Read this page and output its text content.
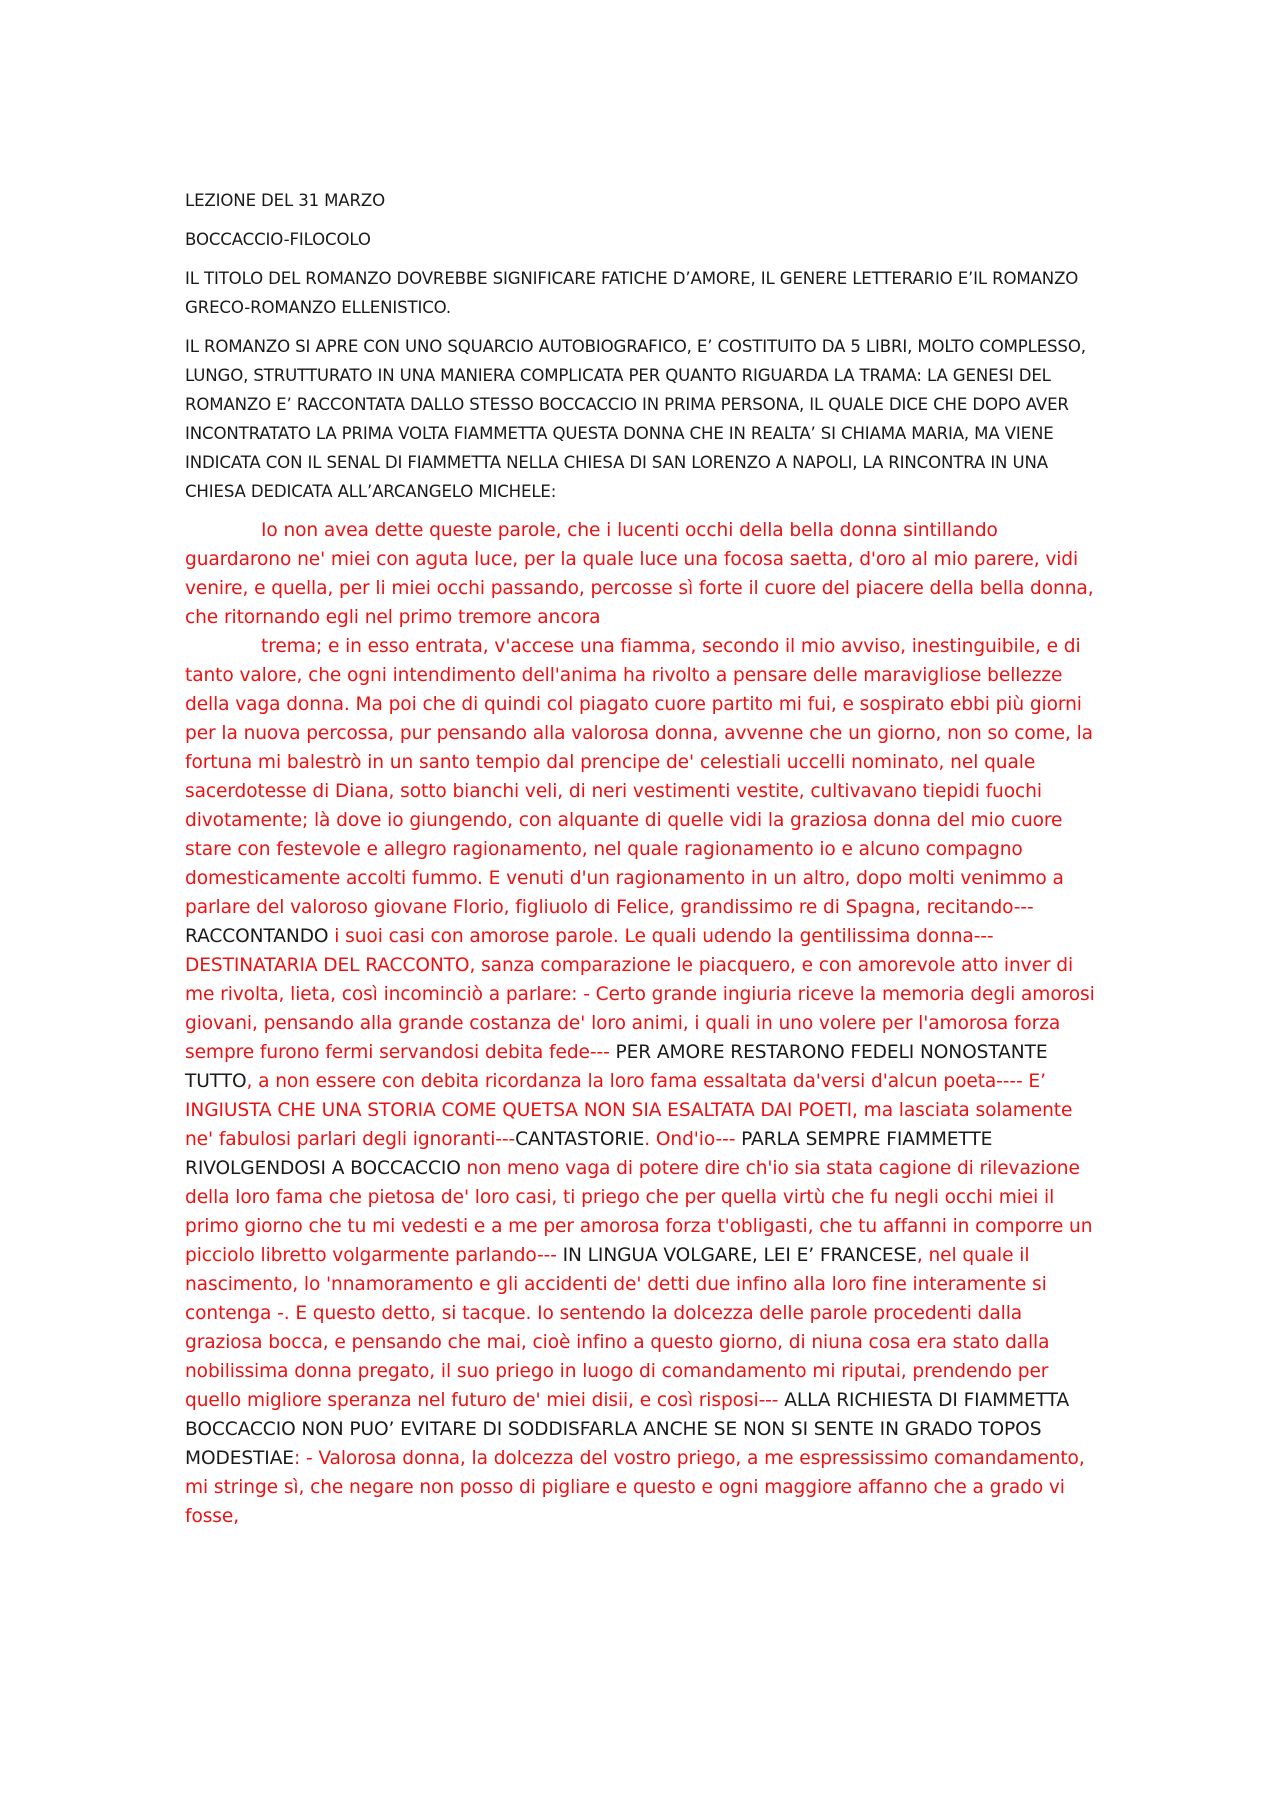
LEZIONE DEL 31 MARZO

BOCCACCIO-FILOCOLO

IL TITOLO DEL ROMANZO DOVREBBE SIGNIFICARE FATICHE D’AMORE, IL GENERE LETTERARIO E’IL ROMANZO GRECO-ROMANZO ELLENISTICO.

IL ROMANZO SI APRE CON UNO SQUARCIO AUTOBIOGRAFICO, E’ COSTITUITO DA 5 LIBRI, MOLTO COMPLESSO, LUNGO, STRUTTURATO IN UNA MANIERA COMPLICATA PER QUANTO RIGUARDA LA TRAMA: LA GENESI DEL ROMANZO E’ RACCONTATA DALLO STESSO BOCCACCIO IN PRIMA PERSONA, IL QUALE DICE CHE DOPO AVER INCONTRATATO LA PRIMA VOLTA FIAMMETTA QUESTA DONNA CHE IN REALTA’ SI CHIAMA MARIA, MA VIENE INDICATA CON IL SENAL DI FIAMMETTA NELLA CHIESA DI SAN LORENZO A NAPOLI, LA RINCONTRA IN UNA CHIESA DEDICATA ALL’ARCANGELO MICHELE:

Io non avea dette queste parole, che i lucenti occhi della bella donna sintillando guardarono ne' miei con aguta luce, per la quale luce una focosa saetta, d'oro al mio parere, vidi venire, e quella, per li miei occhi passando, percosse sì forte il cuore del piacere della bella donna, che ritornando egli nel primo tremore ancora

trema; e in esso entrata, v'accese una fiamma, secondo il mio avviso, inestinguibile, e di tanto valore, che ogni intendimento dell'anima ha rivolto a pensare delle maravigliose bellezze della vaga donna. Ma poi che di quindi col piagato cuore partito mi fui, e sospirato ebbi più giorni per la nuova percossa, pur pensando alla valorosa donna, avvenne che un giorno, non so come, la fortuna mi balestrò in un santo tempio dal prencipe de' celestiali uccelli nominato, nel quale sacerdotesse di Diana, sotto bianchi veli, di neri vestimenti vestite, cultivavano tiepidi fuochi divotamente; là dove io giungendo, con alquante di quelle vidi la graziosa donna del mio cuore stare con festevole e allegro ragionamento, nel quale ragionamento io e alcuno compagno domesticamente accolti fummo. E venuti d'un ragionamento in un altro, dopo molti venimmo a parlare del valoroso giovane Florio, figliuolo di Felice, grandissimo re di Spagna, recitando--- RACCONTANDO i suoi casi con amorose parole. Le quali udendo la gentilissima donna---DESTINATARIA DEL RACCONTO, sanza comparazione le piacquero, e con amorevole atto inver di me rivolta, lieta, così incominciò a parlare: - Certo grande ingiuria riceve la memoria degli amorosi giovani, pensando alla grande costanza de' loro animi, i quali in uno volere per l'amorosa forza sempre furono fermi servandosi debita fede--- PER AMORE RESTARONO FEDELI NONOSTANTE TUTTO, a non essere con debita ricordanza la loro fama essaltata da'versi d'alcun poeta---- E’ INGIUSTA CHE UNA STORIA COME QUETSA NON SIA ESALTATA DAI POETI, ma lasciata solamente ne' fabulosi parlari degli ignoranti---CANTASTORIE. Ond'io--- PARLA SEMPRE FIAMMETTE RIVOLGENDOSI A BOCCACCIO non meno vaga di potere dire ch'io sia stata cagione di rilevazione della loro fama che pietosa de' loro casi, ti priego che per quella virtù che fu negli occhi miei il primo giorno che tu mi vedesti e a me per amorosa forza t'obligasti, che tu affanni in comporre un picciolo libretto volgarmente parlando--- IN LINGUA VOLGARE, LEI E’ FRANCESE, nel quale il nascimento, lo 'nnamoramento e gli accidenti de' detti due infino alla loro fine interamente si contenga -. E questo detto, si tacque. Io sentendo la dolcezza delle parole procedenti dalla graziosa bocca, e pensando che mai, cioè infino a questo giorno, di niuna cosa era stato dalla nobilissima donna pregato, il suo priego in luogo di comandamento mi riputai, prendendo per quello migliore speranza nel futuro de' miei disii, e così risposi--- ALLA RICHIESTA DI FIAMMETTA BOCCACCIO NON PUO’ EVITARE DI SODDISFARLA ANCHE SE NON SI SENTE IN GRADO TOPOS MODESTIAE: - Valorosa donna, la dolcezza del vostro priego, a me espressissimo comandamento, mi stringe sì, che negare non posso di pigliare e questo e ogni maggiore affanno che a grado vi fosse,
